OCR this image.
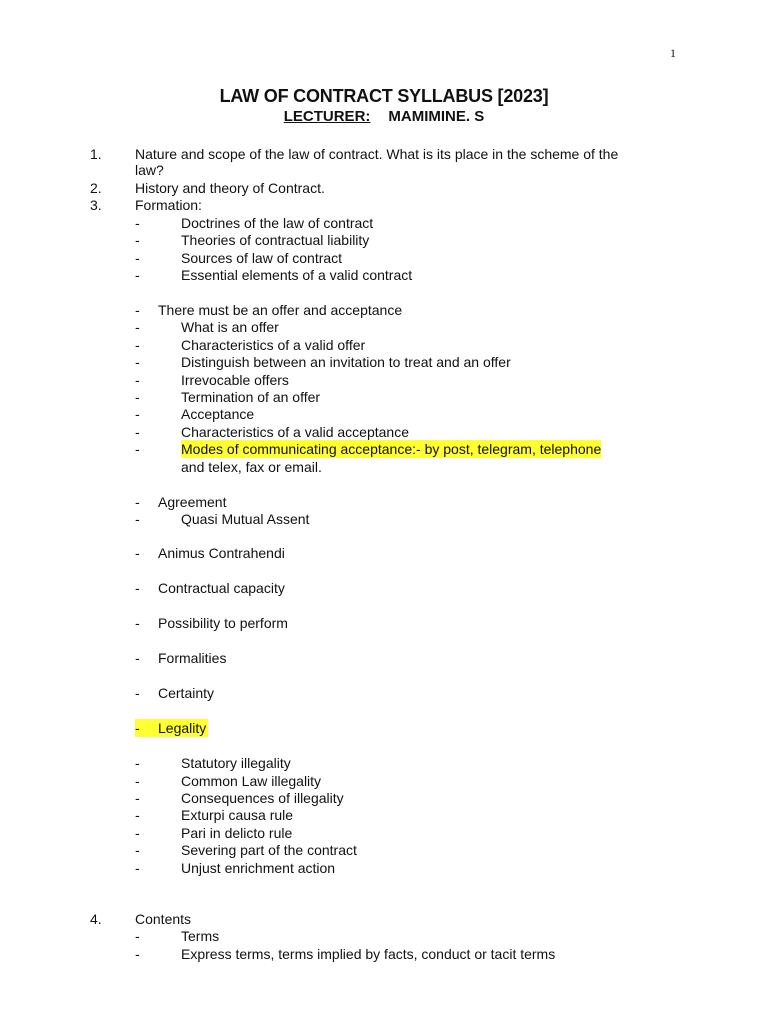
1
LAW OF CONTRACT SYLLABUS [2023]
LECTURER: MAMIMINE. S
1. Nature and scope of the law of contract. What is its place in the scheme of the
law?
2. History and theory of Contract.
3. Formation:
-	Doctrines of the law of contract
-	Theories of contractual liability
-	Sources of law of contract
-	Essential elements of a valid contract
- There must be an offer and acceptance
-	What is an offer
-	Characteristics of a valid offer
-	Distinguish between an invitation to treat and an offer
-	Irrevocable offers
-	Termination of an offer
-	Acceptance
-	Characteristics of a valid acceptance
-	Modes of communicating acceptance:- by post, telegram, telephone
and telex, fax or email.
- Agreement
-	Quasi Mutual Assent
- Animus Contrahendi
- Contractual capacity
- Possibility to perform
- Formalities
- Certainty
- Legality
-	Statutory illegality
-	Common Law illegality
-	Consequences of illegality
-	Exturpi causa rule
-	Pari in delicto rule
-	Severing part of the contract
-	Unjust enrichment action
4. Contents
-	Terms
-	Express terms, terms implied by facts, conduct or tacit terms
